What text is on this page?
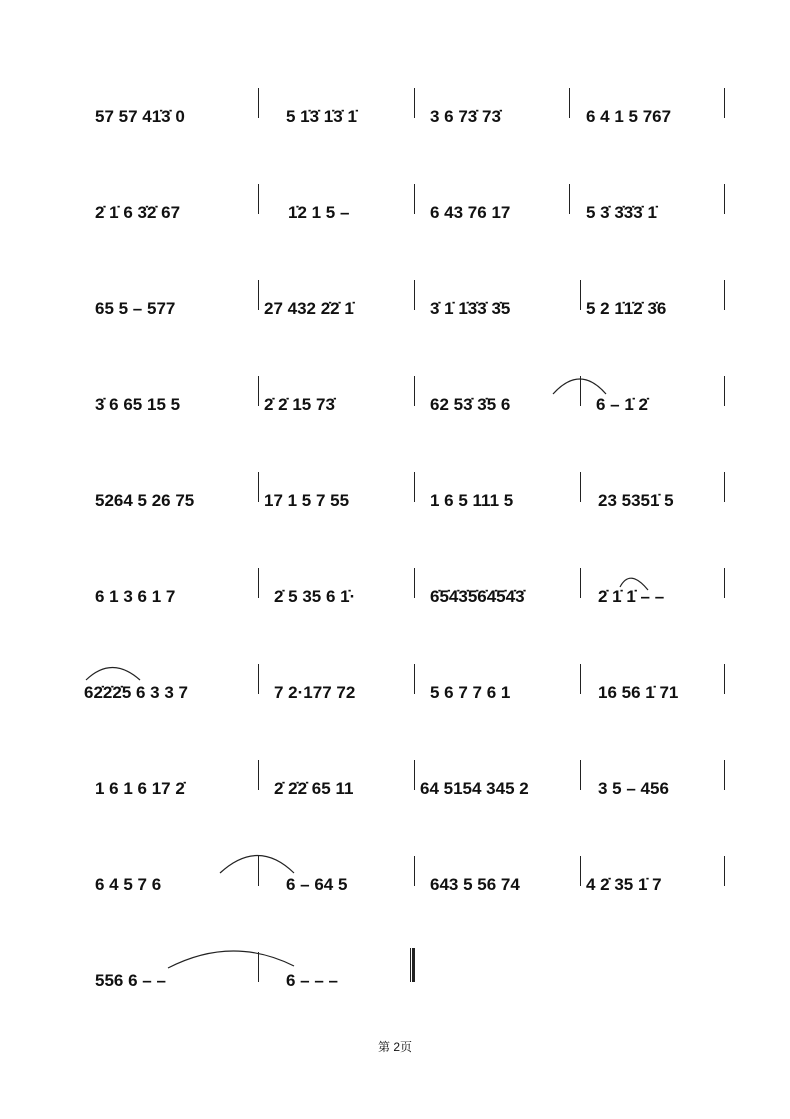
57 57 41̇3̇ 0	5 1̇3̇ 1̇3̇ 1̇	3 6 73̇ 73̇	6 4 1 5 767
2̇ 1̇ 6 3̇2̇ 67	1̇2 1 5 –	6 43 76 17	5 3̇ 3̇3̇3̇ 1̇
65 5 – 577	27 432 2̇2̇ 1̇	3̇ 1̇ 1̇3̇3̇ 3̇5	5 2 1̇1̇2̇ 3̇6
3̇ 6 65 15 5	2̇ 2̇ 15 73̇	62 53̇ 3̇5 6	6 – 1̇ 2̇
5264 5 26 75	17 1 5 7 55	1 6 5 111 5	23 5351̇ 5
6 1 3 6 1 7	2̇ 5 35 6 1̇·	6̇5̇4̇3̇5̇6̇4̇5̇4̇3̇	2̇ 1̇ 1̇ – –
62̇2̇2̇5 6 3 3 7	7 2·177 72	5 6 7 7 6 1	16 56 1̇ 71
1 6 1 6 17 2̇	2̇ 2̇2̇ 65 11	64 5154 345 2	3 5 – 456
6 4 5 7 6	6 – 64 5	643 5 56 74	4 2̇ 35 1̇ 7
556 6 – –	6 – – –
第 2页
